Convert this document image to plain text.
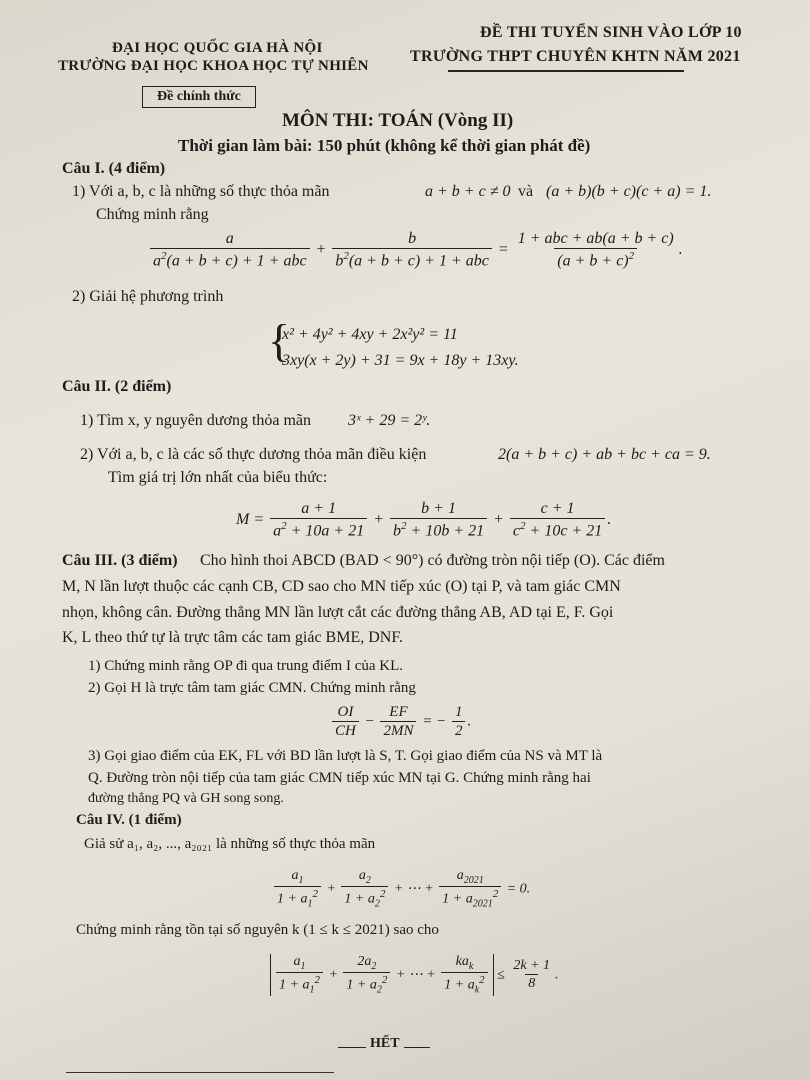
ĐẠI HỌC QUỐC GIA HÀ NỘI
TRƯỜNG ĐẠI HỌC KHOA HỌC TỰ NHIÊN
ĐỀ THI TUYỂN SINH VÀO LỚP 10
TRƯỜNG THPT CHUYÊN KHTN NĂM 2021
Đề chính thức
MÔN THI: TOÁN (Vòng II)
Thời gian làm bài: 150 phút (không kể thời gian phát đề)
Câu I. (4 điểm)
1) Với a, b, c là những số thực thỏa mãn	a + b + c ≠ 0 và (a + b)(b + c)(c + a) = 1.
Chứng minh rằng
$\frac{a}{a^2(a + b + c) + 1 + abc} + \frac{b}{b^2(a + b + c) + 1 + abc} = \frac{\text{1 + abc + ab(a + b + c)}}{(a + b + c)^2}$ .
2) Giải hệ phương trình
{
x² + 4y² + 4xy + 2x²y² = 11
3xy(x + 2y) + 31 = 9x + 18y + 13xy.
Câu II. (2 điểm)
1) Tìm x, y nguyên dương thỏa mãn 3ˣ + 29 = 2ʸ.
2) Với a, b, c là các số thực dương thỏa mãn điều kiện	2(a + b + c) + ab + bc + ca = 9.
Tìm giá trị lớn nhất của biểu thức:
$M = \frac{a + 1}{a^2 + 10a + 21} + \frac{b + 1}{b^2 + 10b + 21} + \frac{c + 1}{c^2 + 10c + 21}$ .
Câu III. (3 điểm) Cho hình thoi ABCD (BAD < 90°) có đường tròn nội tiếp (O). Các điểm
M, N lần lượt thuộc các cạnh CB, CD sao cho MN tiếp xúc (O) tại P, và tam giác CMN
nhọn, không cân. Đường thẳng MN lần lượt cắt các đường thẳng AB, AD tại E, F. Gọi
K, L theo thứ tự là trực tâm các tam giác BME, DNF.
1) Chứng minh rằng OP đi qua trung điểm I của KL.
2) Gọi H là trực tâm tam giác CMN. Chứng minh rằng
$\frac{OI}{CH} - \frac{EF}{2MN}$ = − $\frac{1}{2}$ .
3) Gọi giao điểm của EK, FL với BD lần lượt là S, T. Gọi giao điểm của NS và MT là
Q. Đường tròn nội tiếp của tam giác CMN tiếp xúc MN tại G. Chứng minh rằng hai
đường thẳng PQ và GH song song.
Câu IV. (1 điểm)
Giả sử a₁, a₂, ..., a₂₀₂₁ là những số thực thỏa mãn
$\frac{a_1}{1 + a_1^2} + \frac{a_2}{1 + a_2^2}$ + ⋯ + $\frac{a_{2021}}{1 + a_{2021}^2} = 0$.
Chứng minh rằng tồn tại số nguyên k (1 ≤ k ≤ 2021) sao cho
$\frac{a_1}{1 + a_1^2} + \frac{2a_2}{1 + a_2^2}$ + ⋯ + $\frac{ka_k}{1 + a_k^2} \le \frac{2k + 1}{8}$ .
HẾT
